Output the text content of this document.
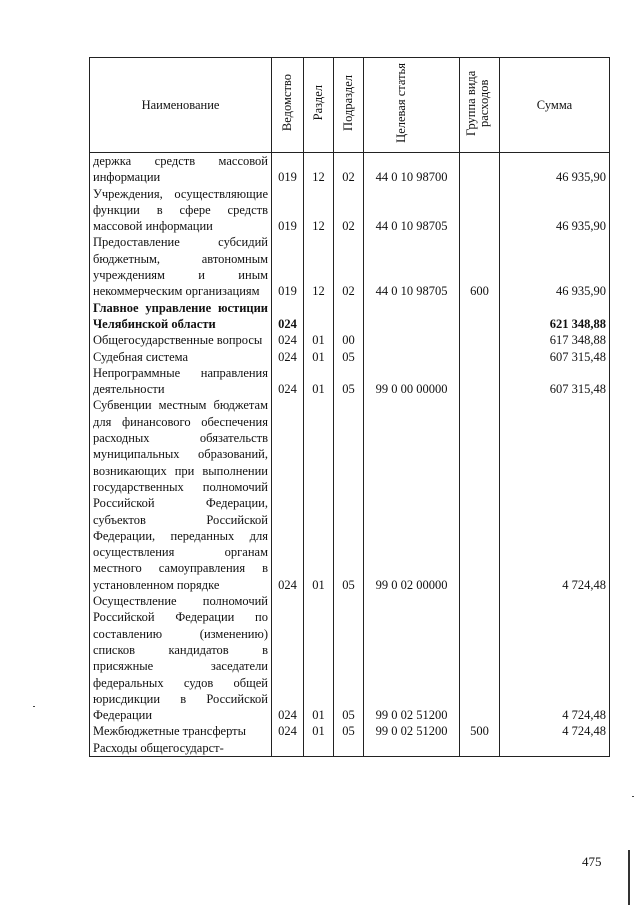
Наименование	Ведомство	Раздел	Подраздел	Целевая статья	Группа вида расходов	Сумма
держка средств массовой информации	019	12	02	44 0 10 98700		46 935,90
Учреждения, осуществляющие функции в сфере средств массовой информации	019	12	02	44 0 10 98705		46 935,90
Предоставление субсидий бюджетным, автономным учреждениям и иным некоммерческим организациям	019	12	02	44 0 10 98705	600	46 935,90
Главное управление юстиции Челябинской области	024					621 348,88
Общегосударственные вопросы	024	01	00			617 348,88
Судебная система	024	01	05			607 315,48
Непрограммные направления деятельности	024	01	05	99 0 00 00000		607 315,48
Субвенции местным бюджетам для финансового обеспечения расходных обязательств муниципальных образований, возникающих при выполнении государственных полномочий Российской Федерации, субъектов Российской Федерации, переданных для осуществления органам местного самоуправления в установленном порядке	024	01	05	99 0 02 00000		4 724,48
Осуществление полномочий Российской Федерации по составлению (изменению) списков кандидатов в присяжные заседатели федеральных судов общей юрисдикции в Российской Федерации	024	01	05	99 0 02 51200		4 724,48
Межбюджетные трансферты	024	01	05	99 0 02 51200	500	4 724,48
Расходы общегосударст-						
475
